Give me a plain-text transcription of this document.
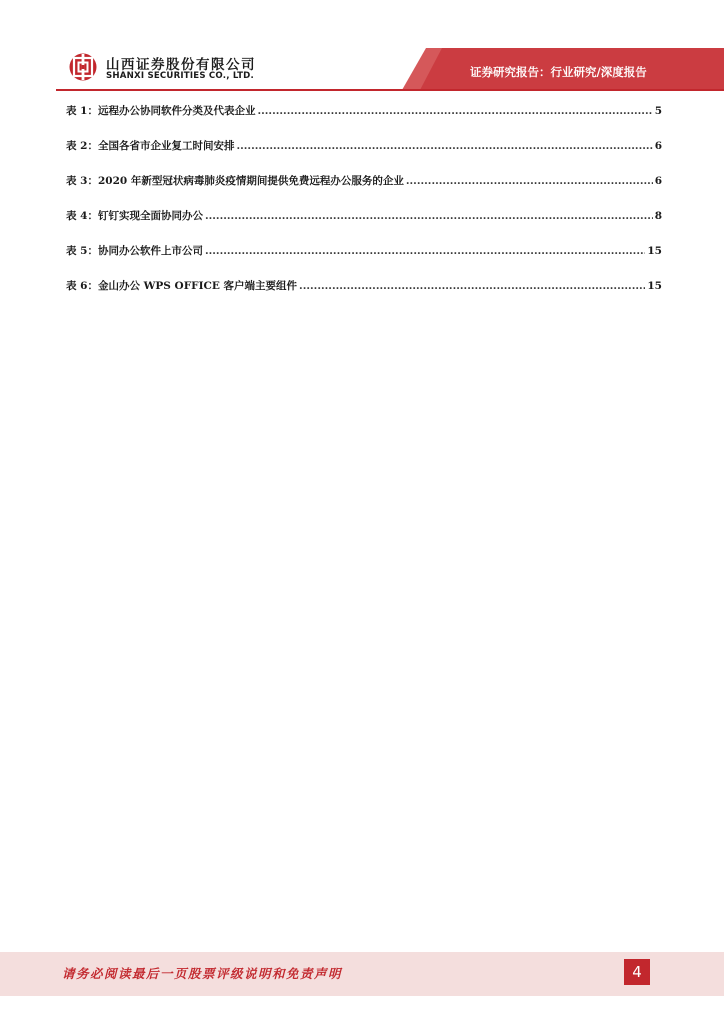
山西证券股份有限公司
SHANXI SECURITIES CO., LTD.	证券研究报告：行业研究/深度报告
表 1： 远程办公协同软件分类及代表企业 .....	5
表 2： 全国各省市企业复工时间安排 .....	6
表 3： 2020 年新型冠状病毒肺炎疫情期间提供免费远程办公服务的企业 .....	6
表 4： 钉钉实现全面协同办公 .....	8
表 5： 协同办公软件上市公司 .....	15
表 6： 金山办公 WPS OFFICE 客户端主要组件 .....	15
请务必阅读最后一页股票评级说明和免责声明	4
